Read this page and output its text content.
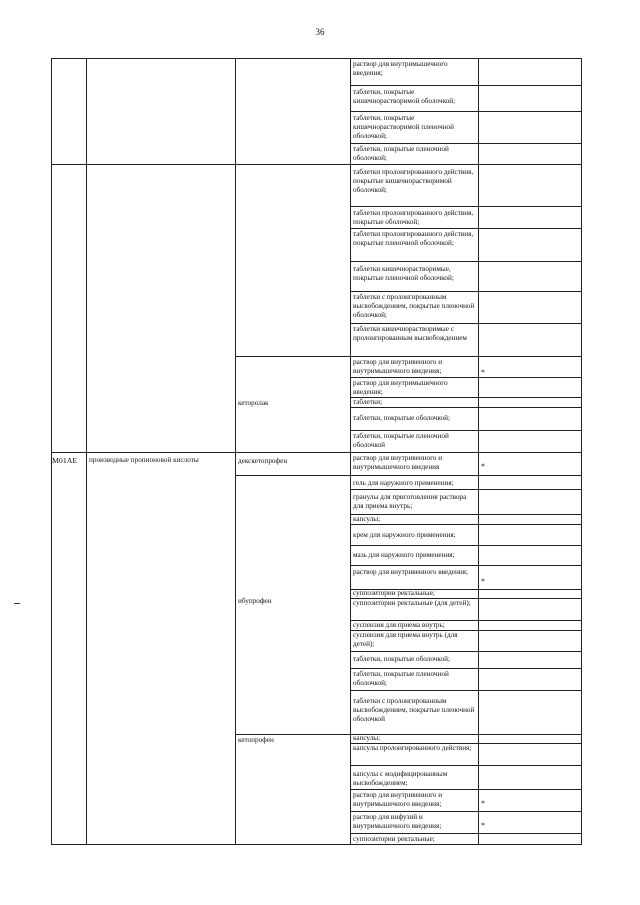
36
M01AE	производные пропионовой кислоты
кеторолак
декскетопрофен
ибупрофен
кетопрофен
раствор для внутримышечного введения;
таблетки, покрытые кишечнорастворимой оболочкой;
таблетки, покрытые кишечнорастворимой пленочной оболочкой;
таблетки, покрытые пленочной оболочкой;
таблетки пролонгированного действия, покрытые кишечнорастворимой оболочкой;
таблетки пролонгированного действия, покрытые оболочкой;
таблетки пролонгированного действия, покрытые пленочной оболочкой;
таблетки кишечнорастворимые, покрытые пленочной оболочкой;
таблетки с пролонгированным высвобождением, покрытые пленочной оболочкой;
таблетки кишечнорастворимые с пролонгированным высвобождением
раствор для внутривенного и внутримышечного введения;
раствор для внутримышечного введения;
таблетки;
таблетки, покрытые оболочкой;
таблетки, покрытые пленочной оболочкой
раствор для внутривенного и внутримышечного введения
гель для наружного применения;
гранулы для приготовления раствора для приема внутрь;
капсулы;
крем для наружного применения;
мазь для наружного применения;
раствор для внутривенного введения;
суппозитории ректальные;
суппозитории ректальные (для детей);
суспензия для приема внутрь;
суспензия для приема внутрь (для детей);
таблетки, покрытые оболочкой;
таблетки, покрытые пленочной оболочкой;
таблетки с пролонгированным высвобождением, покрытые пленочной оболочкой
капсулы;
капсулы пролонгированного действия;
капсулы с модифицированным высвобождением;
раствор для внутривенного и внутримышечного введения;
раствор для инфузий и внутримышечного введения;
суппозитории ректальные;
*
*
*
*
*
